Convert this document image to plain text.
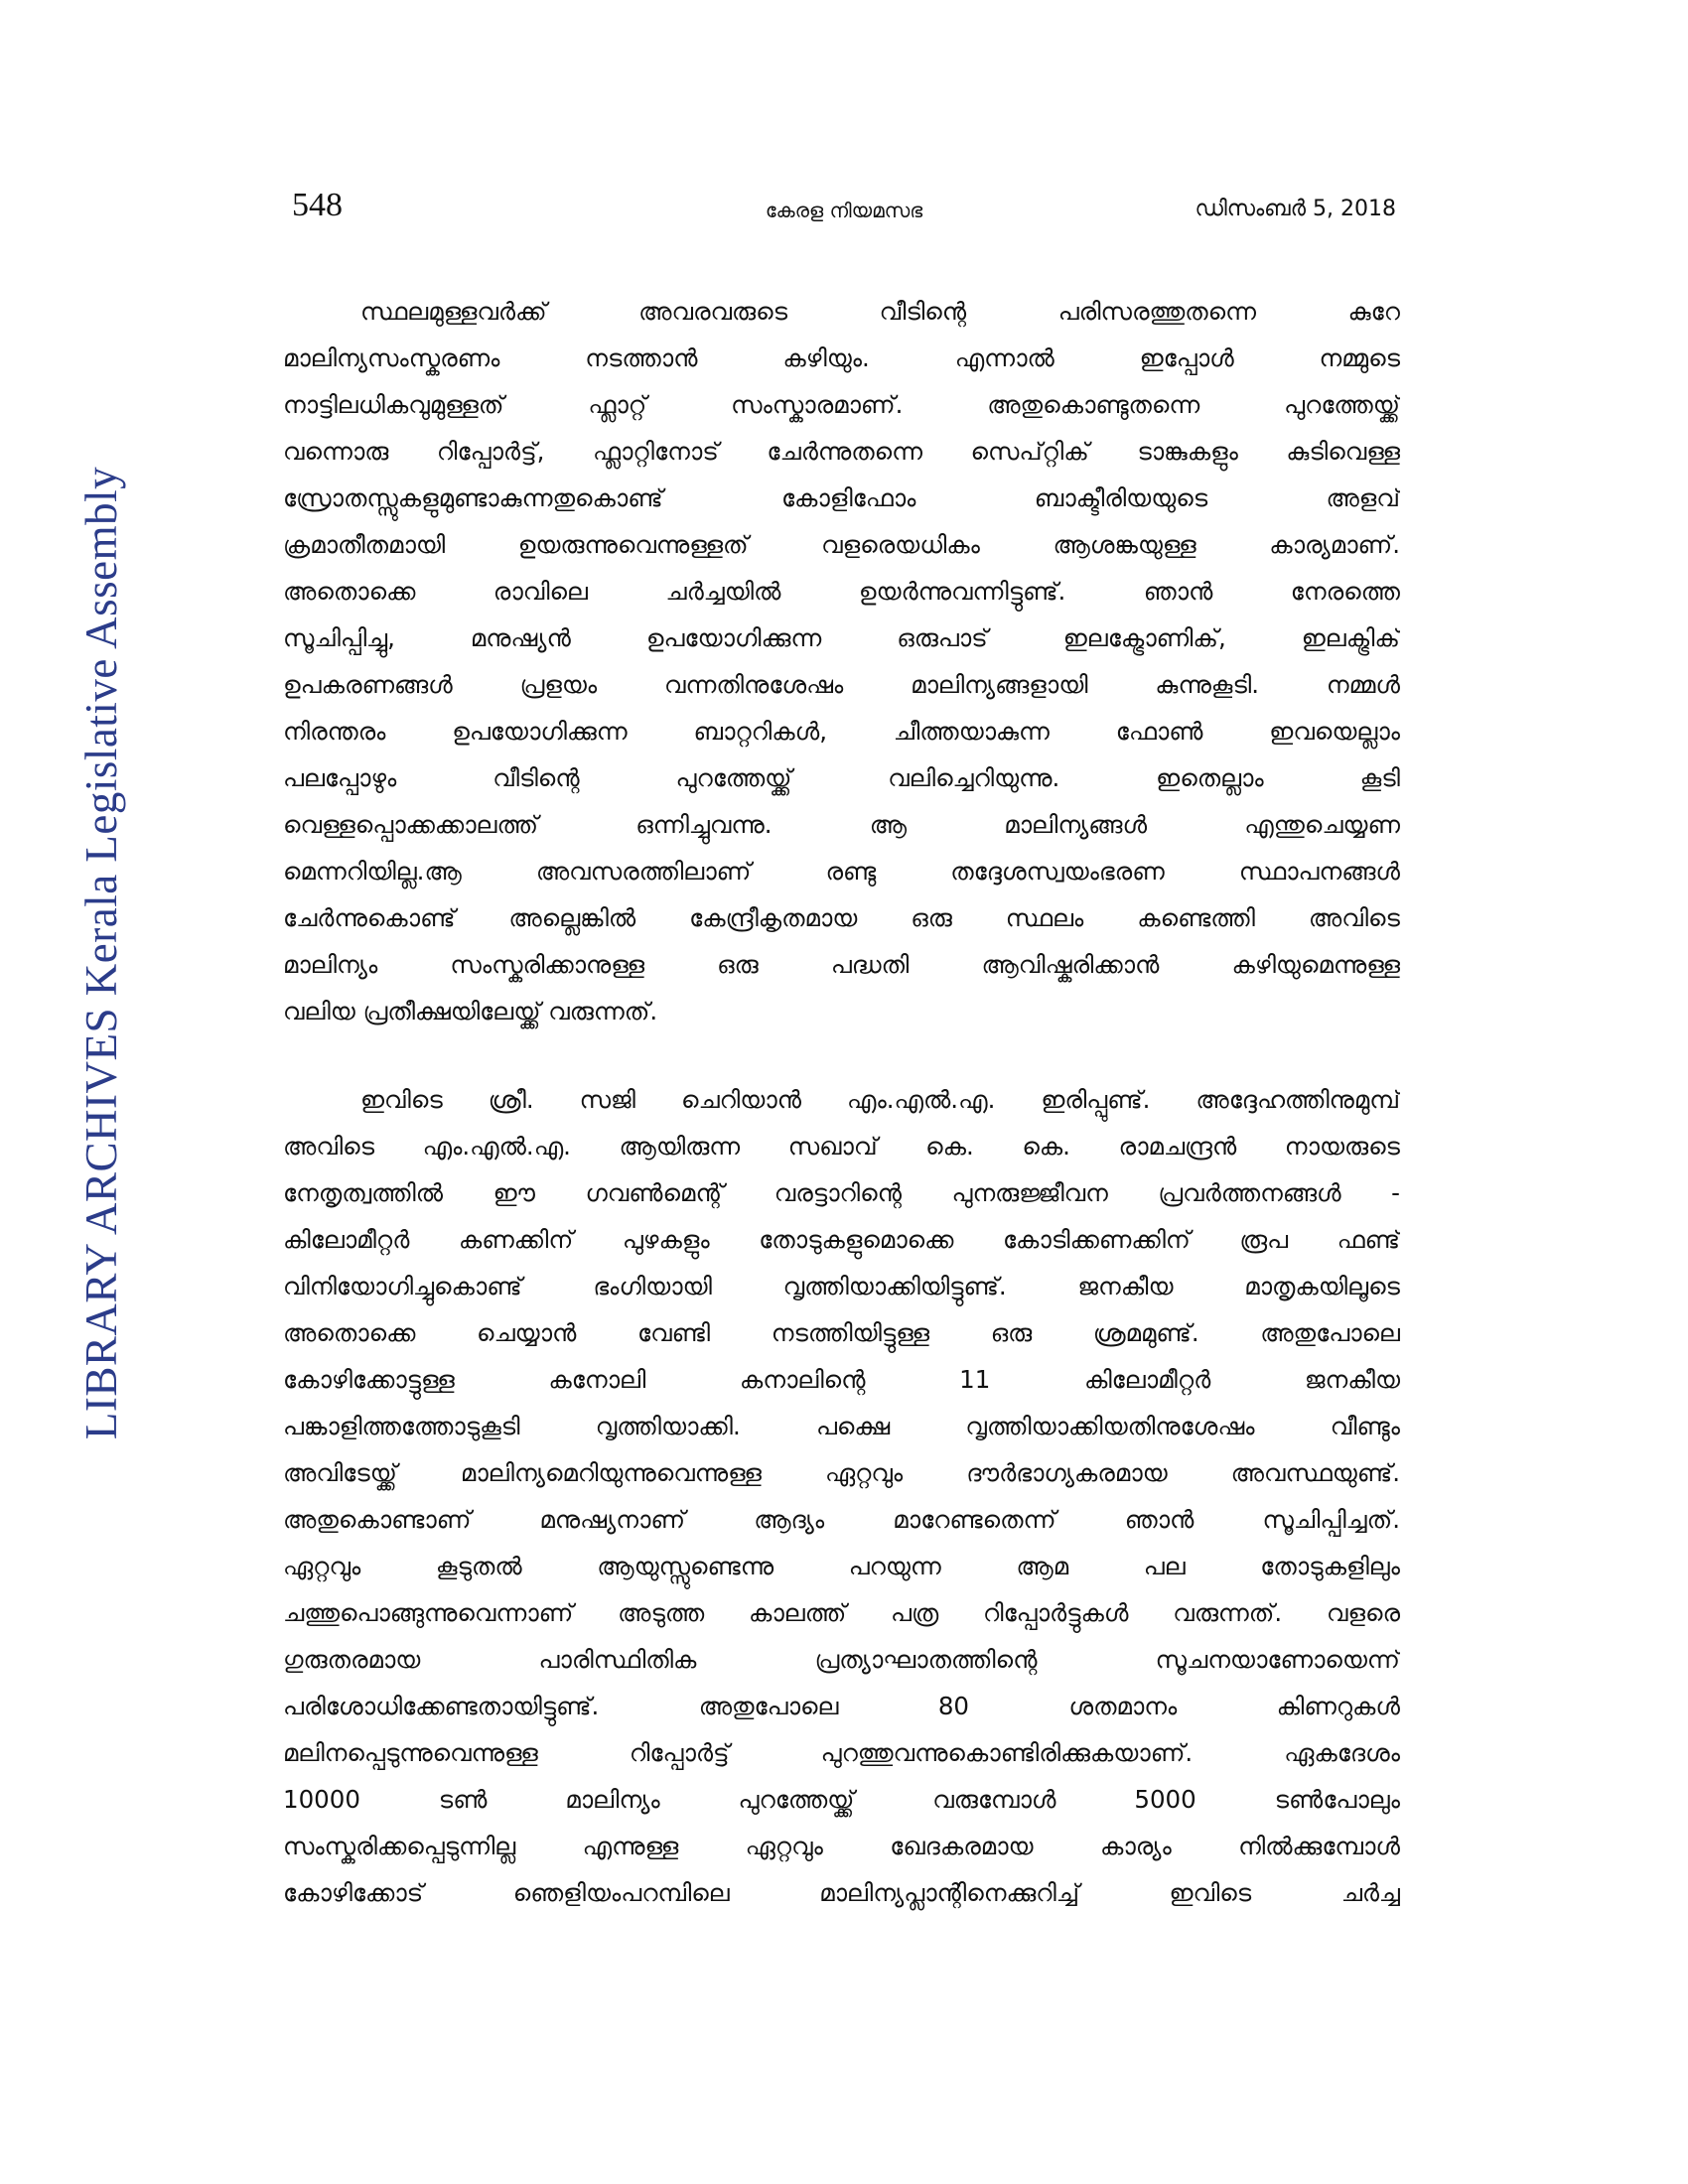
LIBRARY ARCHIVES Kerala Legislative Assembly
548	കേരള നിയമസഭ	ഡിസംബർ 5, 2018
സ്ഥലമുള്ളവർക്ക് അവരവരുടെ വീടിന്റെ പരിസരത്തുതന്നെ കുറേ
മാലിന്യസംസ്കരണം നടത്താൻ കഴിയും. എന്നാൽ ഇപ്പോൾ നമ്മുടെ
നാട്ടിലധികവുമുള്ളത് ഫ്ലാറ്റ് സംസ്കാരമാണ്. അതുകൊണ്ടുതന്നെ പുറത്തേയ്ക്ക്
വന്നൊരു റിപ്പോർട്ട്, ഫ്ലാറ്റിനോട് ചേർന്നുതന്നെ സെപ്റ്റിക് ടാങ്കുകളും കുടിവെള്ള
സ്രോതസ്സുകളുമുണ്ടാകുന്നതുകൊണ്ട് കോളിഫോം ബാക്ടീരിയയുടെ അളവ്
ക്രമാതീതമായി ഉയരുന്നുവെന്നുള്ളത് വളരെയധികം ആശങ്കയുള്ള കാര്യമാണ്.
അതൊക്കെ രാവിലെ ചർച്ചയിൽ ഉയർന്നുവന്നിട്ടുണ്ട്. ഞാൻ നേരത്തെ
സൂചിപ്പിച്ചു, മനുഷ്യൻ ഉപയോഗിക്കുന്ന ഒരുപാട് ഇലക്ട്രോണിക്, ഇലക്ട്രിക്
ഉപകരണങ്ങൾ പ്രളയം വന്നതിനുശേഷം മാലിന്യങ്ങളായി കുന്നുകൂടി. നമ്മൾ
നിരന്തരം ഉപയോഗിക്കുന്ന ബാറ്ററികൾ, ചീത്തയാകുന്ന ഫോൺ ഇവയെല്ലാം
പലപ്പോഴും വീടിന്റെ പുറത്തേയ്ക്ക് വലിച്ചെറിയുന്നു. ഇതെല്ലാം കൂടി
വെള്ളപ്പൊക്കക്കാലത്ത് ഒന്നിച്ചുവന്നു. ആ മാലിന്യങ്ങൾ എന്തുചെയ്യണ
മെന്നറിയില്ല.ആ അവസരത്തിലാണ് രണ്ടു തദ്ദേശസ്വയംഭരണ സ്ഥാപനങ്ങൾ
ചേർന്നുകൊണ്ട് അല്ലെങ്കിൽ കേന്ദ്രീകൃതമായ ഒരു സ്ഥലം കണ്ടെത്തി അവിടെ
മാലിന്യം സംസ്കരിക്കാനുള്ള ഒരു പദ്ധതി ആവിഷ്കരിക്കാൻ കഴിയുമെന്നുള്ള
വലിയ പ്രതീക്ഷയിലേയ്ക്ക് വരുന്നത്.
ഇവിടെ ശ്രീ. സജി ചെറിയാൻ എം.എൽ.എ. ഇരിപ്പുണ്ട്. അദ്ദേഹത്തിനുമുമ്പ്
അവിടെ എം.എൽ.എ. ആയിരുന്ന സഖാവ് കെ. കെ. രാമചന്ദ്രൻ നായരുടെ
നേതൃത്വത്തിൽ ഈ ഗവൺമെന്റ് വരട്ടാറിന്റെ പുനരുജ്ജീവന പ്രവർത്തനങ്ങൾ -
കിലോമീറ്റർ കണക്കിന് പുഴകളും തോടുകളുമൊക്കെ കോടിക്കണക്കിന് രൂപ ഫണ്ട്
വിനിയോഗിച്ചുകൊണ്ട് ഭംഗിയായി വൃത്തിയാക്കിയിട്ടുണ്ട്. ജനകീയ മാതൃകയിലൂടെ
അതൊക്കെ ചെയ്യാൻ വേണ്ടി നടത്തിയിട്ടുള്ള ഒരു ശ്രമമുണ്ട്. അതുപോലെ
കോഴിക്കോട്ടുള്ള കനോലി കനാലിന്റെ 11 കിലോമീറ്റർ ജനകീയ
പങ്കാളിത്തത്തോടുകൂടി വൃത്തിയാക്കി. പക്ഷെ വൃത്തിയാക്കിയതിനുശേഷം വീണ്ടും
അവിടേയ്ക്ക് മാലിന്യമെറിയുന്നുവെന്നുള്ള ഏറ്റവും ദൗർഭാഗ്യകരമായ അവസ്ഥയുണ്ട്.
അതുകൊണ്ടാണ് മനുഷ്യനാണ് ആദ്യം മാറേണ്ടതെന്ന് ഞാൻ സൂചിപ്പിച്ചത്.
ഏറ്റവും കൂടുതൽ ആയുസ്സുണ്ടെന്നു പറയുന്ന ആമ പല തോടുകളിലും
ചത്തുപൊങ്ങുന്നുവെന്നാണ് അടുത്ത കാലത്ത് പത്ര റിപ്പോർട്ടുകൾ വരുന്നത്. വളരെ
ഗുരുതരമായ പാരിസ്ഥിതിക പ്രത്യാഘാതത്തിന്റെ സൂചനയാണോയെന്ന്
പരിശോധിക്കേണ്ടതായിട്ടുണ്ട്. അതുപോലെ 80 ശതമാനം കിണറുകൾ
മലിനപ്പെടുന്നുവെന്നുള്ള റിപ്പോർട്ട് പുറത്തുവന്നുകൊണ്ടിരിക്കുകയാണ്. ഏകദേശം
10000 ടൺ മാലിന്യം പുറത്തേയ്ക്ക് വരുമ്പോൾ 5000 ടൺപോലും
സംസ്കരിക്കപ്പെടുന്നില്ല എന്നുള്ള ഏറ്റവും ഖേദകരമായ കാര്യം നിൽക്കുമ്പോൾ
കോഴിക്കോട് ഞെളിയംപറമ്പിലെ മാലിന്യപ്ലാന്റിനെക്കുറിച്ച് ഇവിടെ ചർച്ച
